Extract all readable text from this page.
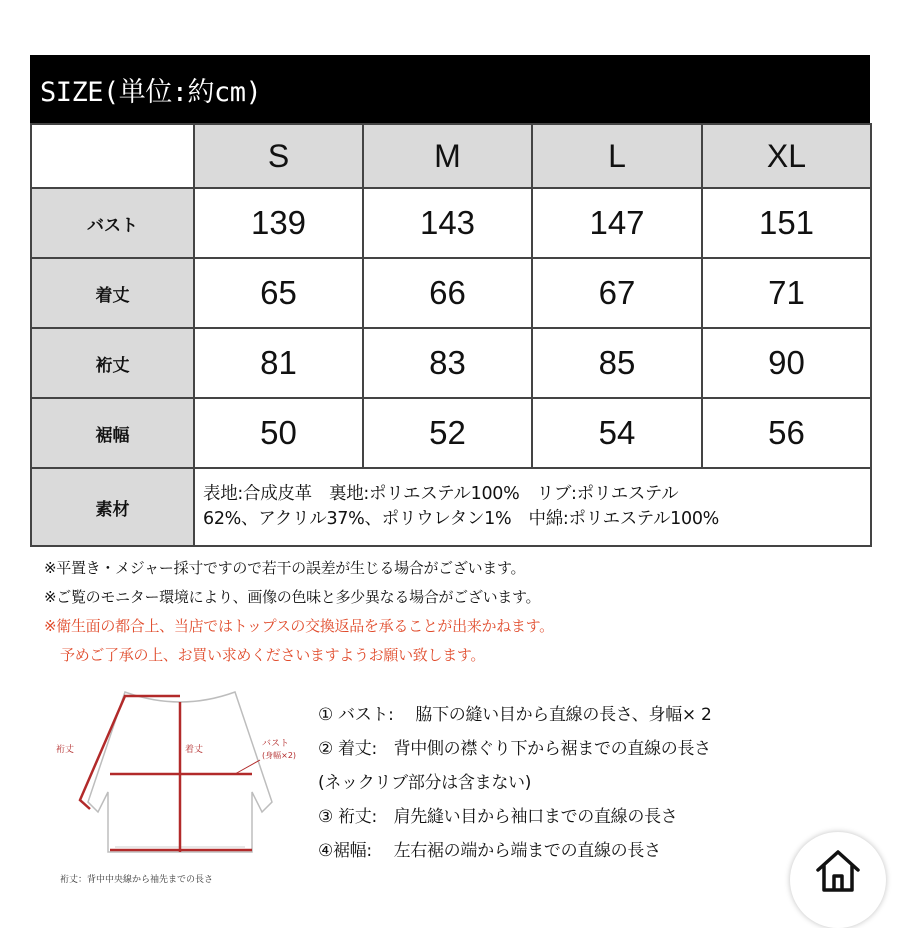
SIZE(単位:約cm)
	S	M	L	XL
バスト	139	143	147	151
着丈	65	66	67	71
裄丈	81	83	85	90
裾幅	50	52	54	56
素材	表地:合成皮革　裏地:ポリエステル100%　リブ:ポリエステル
62%、アクリル37%、ポリウレタン1%　中綿:ポリエステル100%			
※平置き・メジャー採寸ですので若干の誤差が生じる場合がございます。
※ご覧のモニター環境により、画像の色味と多少異なる場合がございます。
※衛生面の都合上、当店ではトップスの交換返品を承ることが出来かねます。
予めご了承の上、お買い求めくださいますようお願い致します。
裄丈	着丈
バスト
(身幅×2)
裄丈：背中中央線から袖先までの長さ
① バスト:　 脇下の縫い目から直線の長さ、身幅× 2
② 着丈:　背中側の襟ぐり下から裾までの直線の長さ
(ネックリブ部分は含まない)
③ 裄丈:　肩先縫い目から袖口までの直線の長さ
④裾幅:　 左右裾の端から端までの直線の長さ
